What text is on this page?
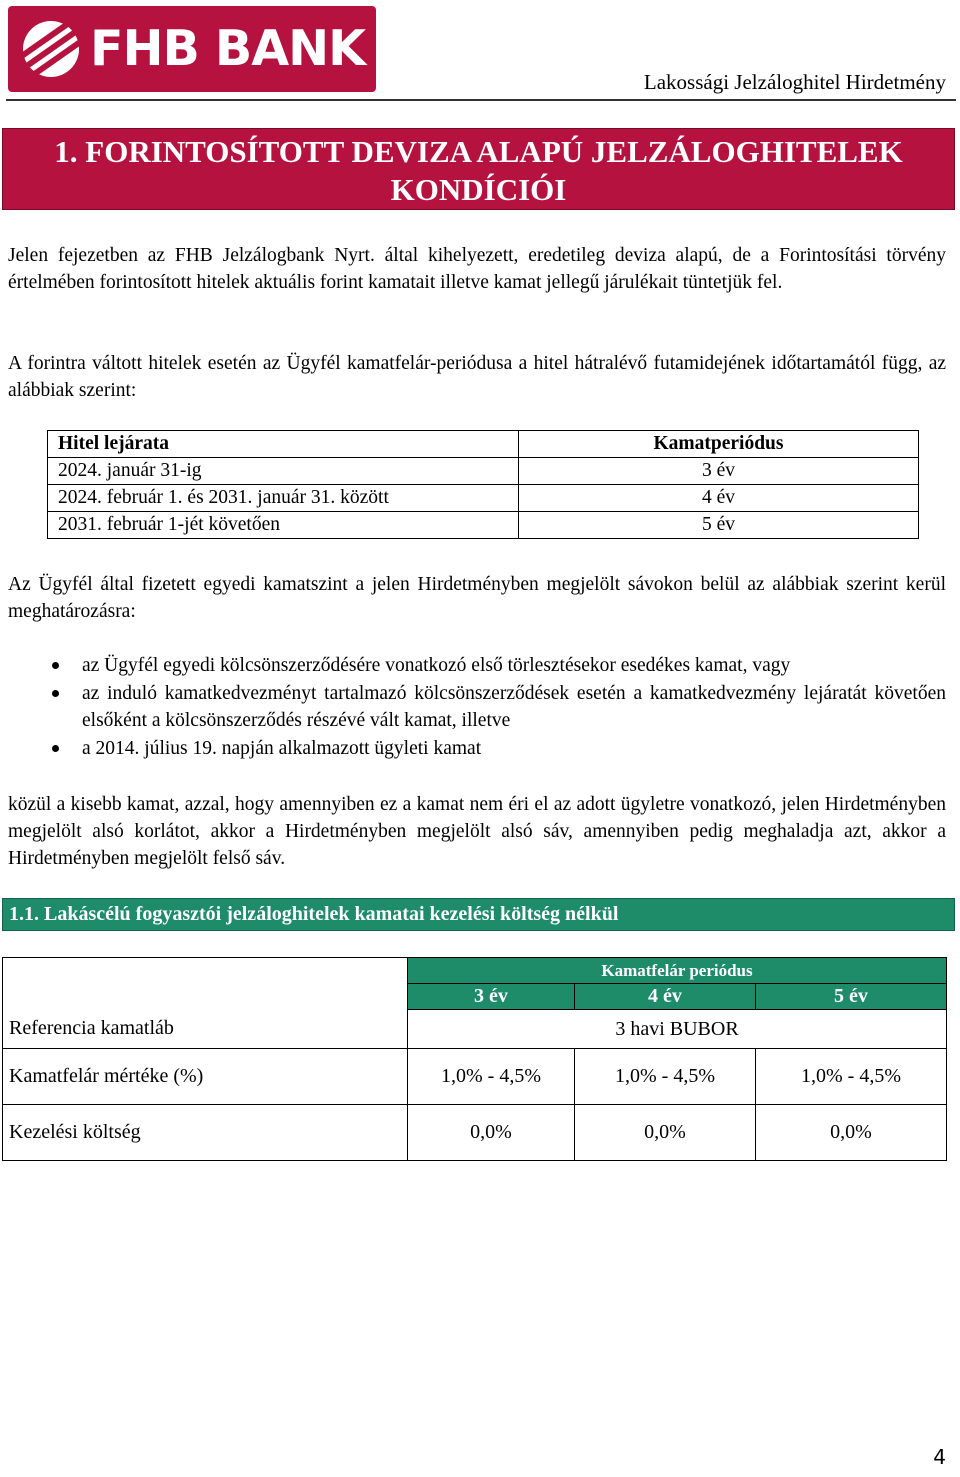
FHB BANK
Lakossági Jelzáloghitel Hirdetmény
1. FORINTOSÍTOTT DEVIZA ALAPÚ JELZÁLOGHITELEK
KONDÍCIÓI
Jelen fejezetben az FHB Jelzálogbank Nyrt. által kihelyezett, eredetileg deviza alapú, de a Forintosítási törvény értelmében forintosított hitelek aktuális forint kamatait illetve kamat jellegű járulékait tüntetjük fel.
A forintra váltott hitelek esetén az Ügyfél kamatfelár-periódusa a hitel hátralévő futamidejének időtartamától függ, az alábbiak szerint:
Hitel lejárata	Kamatperiódus
2024. január 31-ig	3 év
2024. február 1. és 2031. január 31. között	4 év
2031. február 1-jét követően	5 év
Az Ügyfél által fizetett egyedi kamatszint a jelen Hirdetményben megjelölt sávokon belül az alábbiak szerint kerül meghatározásra:
az Ügyfél egyedi kölcsönszerződésére vonatkozó első törlesztésekor esedékes kamat, vagy
az induló kamatkedvezményt tartalmazó kölcsönszerződések esetén a kamatkedvezmény lejáratát követően elsőként a kölcsönszerződés részévé vált kamat, illetve
a 2014. július 19. napján alkalmazott ügyleti kamat
közül a kisebb kamat, azzal, hogy amennyiben ez a kamat nem éri el az adott ügyletre vonatkozó, jelen Hirdetményben megjelölt alsó korlátot, akkor a Hirdetményben megjelölt alsó sáv, amennyiben pedig meghaladja azt, akkor a Hirdetményben megjelölt felső sáv.
1.1. Lakáscélú fogyasztói jelzáloghitelek kamatai kezelési költség nélkül
	Kamatfelár periódus		
	3 év	4 év	5 év
Referencia kamatláb	3 havi BUBOR		
Kamatfelár mértéke (%)	1,0% - 4,5%	1,0% - 4,5%	1,0% - 4,5%
Kezelési költség	0,0%	0,0%	0,0%
4
